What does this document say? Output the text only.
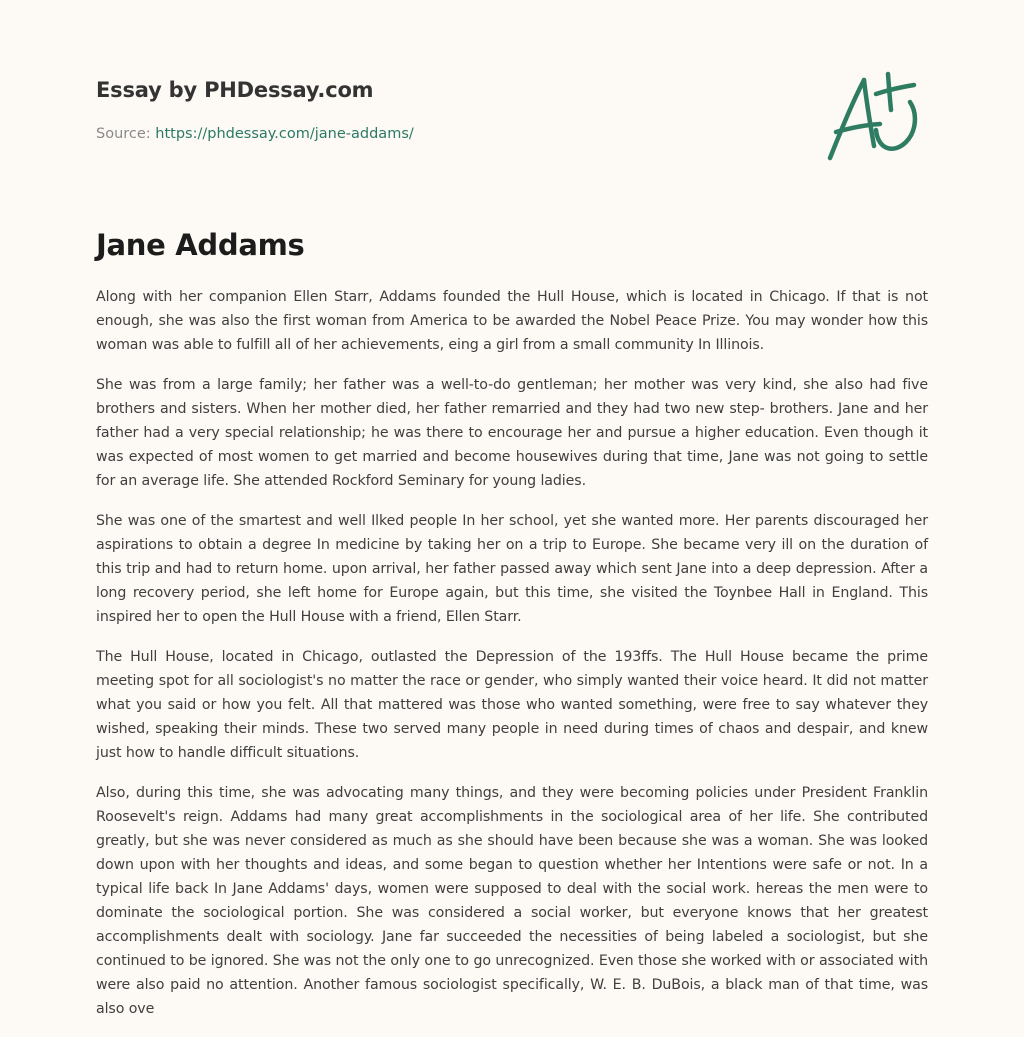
Essay by PHDessay.com
Source: https://phdessay.com/jane-addams/
Jane Addams

Along with her companion Ellen Starr, Addams founded the Hull House, which is located in Chicago. If that is not enough, she was also the first woman from America to be awarded the Nobel Peace Prize. You may wonder how this woman was able to fulfill all of her achievements, eing a girl from a small community In Illinois.

She was from a large family; her father was a well-to-do gentleman; her mother was very kind, she also had five brothers and sisters. When her mother died, her father remarried and they had two new step- brothers. Jane and her father had a very special relationship; he was there to encourage her and pursue a higher education. Even though it was expected of most women to get married and become housewives during that time, Jane was not going to settle for an average life. She attended Rockford Seminary for young ladies.

She was one of the smartest and well Ilked people In her school, yet she wanted more. Her parents discouraged her aspirations to obtain a degree In medicine by taking her on a trip to Europe. She became very ill on the duration of this trip and had to return home. upon arrival, her father passed away which sent Jane into a deep depression. After a long recovery period, she left home for Europe again, but this time, she visited the Toynbee Hall in England. This inspired her to open the Hull House with a friend, Ellen Starr.

The Hull House, located in Chicago, outlasted the Depression of the 193ffs. The Hull House became the prime meeting spot for all sociologist's no matter the race or gender, who simply wanted their voice heard. It did not matter what you said or how you felt. All that mattered was those who wanted something, were free to say whatever they wished, speaking their minds. These two served many people in need during times of chaos and despair, and knew just how to handle difficult situations.

Also, during this time, she was advocating many things, and they were becoming policies under President Franklin Roosevelt's reign. Addams had many great accomplishments in the sociological area of her life. She contributed greatly, but she was never considered as much as she should have been because she was a woman. She was looked down upon with her thoughts and ideas, and some began to question whether her Intentions were safe or not. In a typical life back In Jane Addams' days, women were supposed to deal with the social work. hereas the men were to dominate the sociological portion. She was considered a social worker, but everyone knows that her greatest accomplishments dealt with sociology. Jane far succeeded the necessities of being labeled a sociologist, but she continued to be ignored. She was not the only one to go unrecognized. Even those she worked with or associated with were also paid no attention. Another famous sociologist specifically, W. E. B. DuBois, a black man of that time, was also ove
